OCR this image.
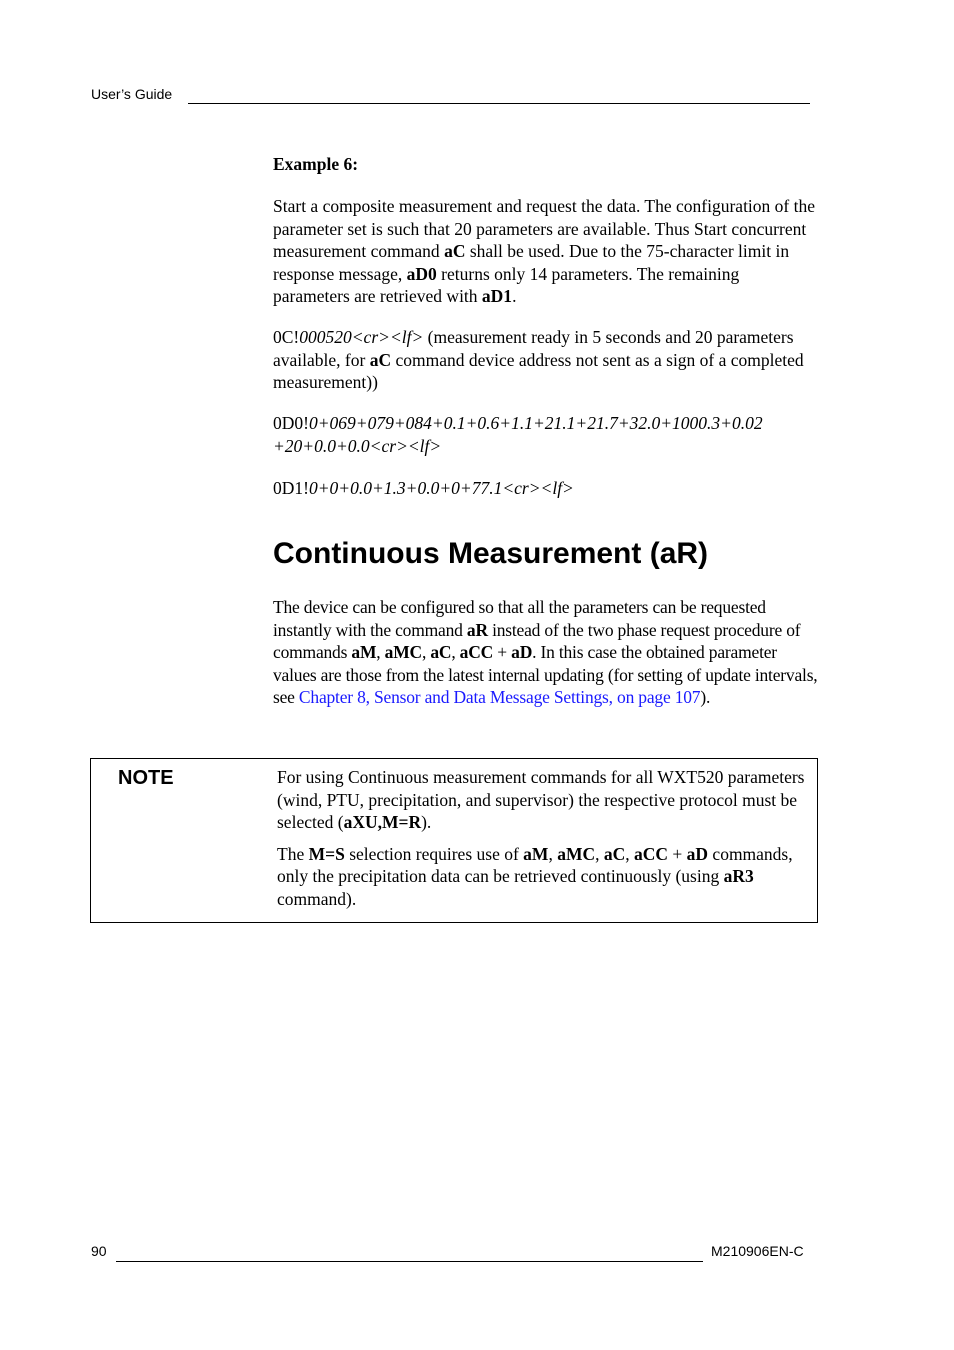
User’s Guide

Example 6:

Start a composite measurement and request the data. The configuration of the parameter set is such that 20 parameters are available. Thus Start concurrent measurement command aC shall be used. Due to the 75-character limit in response message, aD0 returns only 14 parameters. The remaining parameters are retrieved with aD1.

0C!000520<cr><lf> (measurement ready in 5 seconds and 20 parameters available, for aC command device address not sent as a sign of a completed measurement))

0D0!0+069+079+084+0.1+0.6+1.1+21.1+21.7+32.0+1000.3+0.02

+20+0.0+0.0<cr><lf>

0D1!0+0+0.0+1.3+0.0+0+77.1<cr><lf>

Continuous Measurement (aR)

The device can be configured so that all the parameters can be requested instantly with the command aR instead of the two phase request procedure of commands aM, aMC, aC, aCC + aD. In this case the obtained parameter values are those from the latest internal updating (for setting of update intervals, see Chapter 8, Sensor and Data Message Settings, on page 107).

NOTE	For using Continuous measurement commands for all WXT520 parameters (wind, PTU, precipitation, and supervisor) the respective protocol must be selected (aXU,M=R).

The M=S selection requires use of aM, aMC, aC, aCC + aD commands, only the precipitation data can be retrieved continuously (using aR3 command).

90	M210906EN-C
